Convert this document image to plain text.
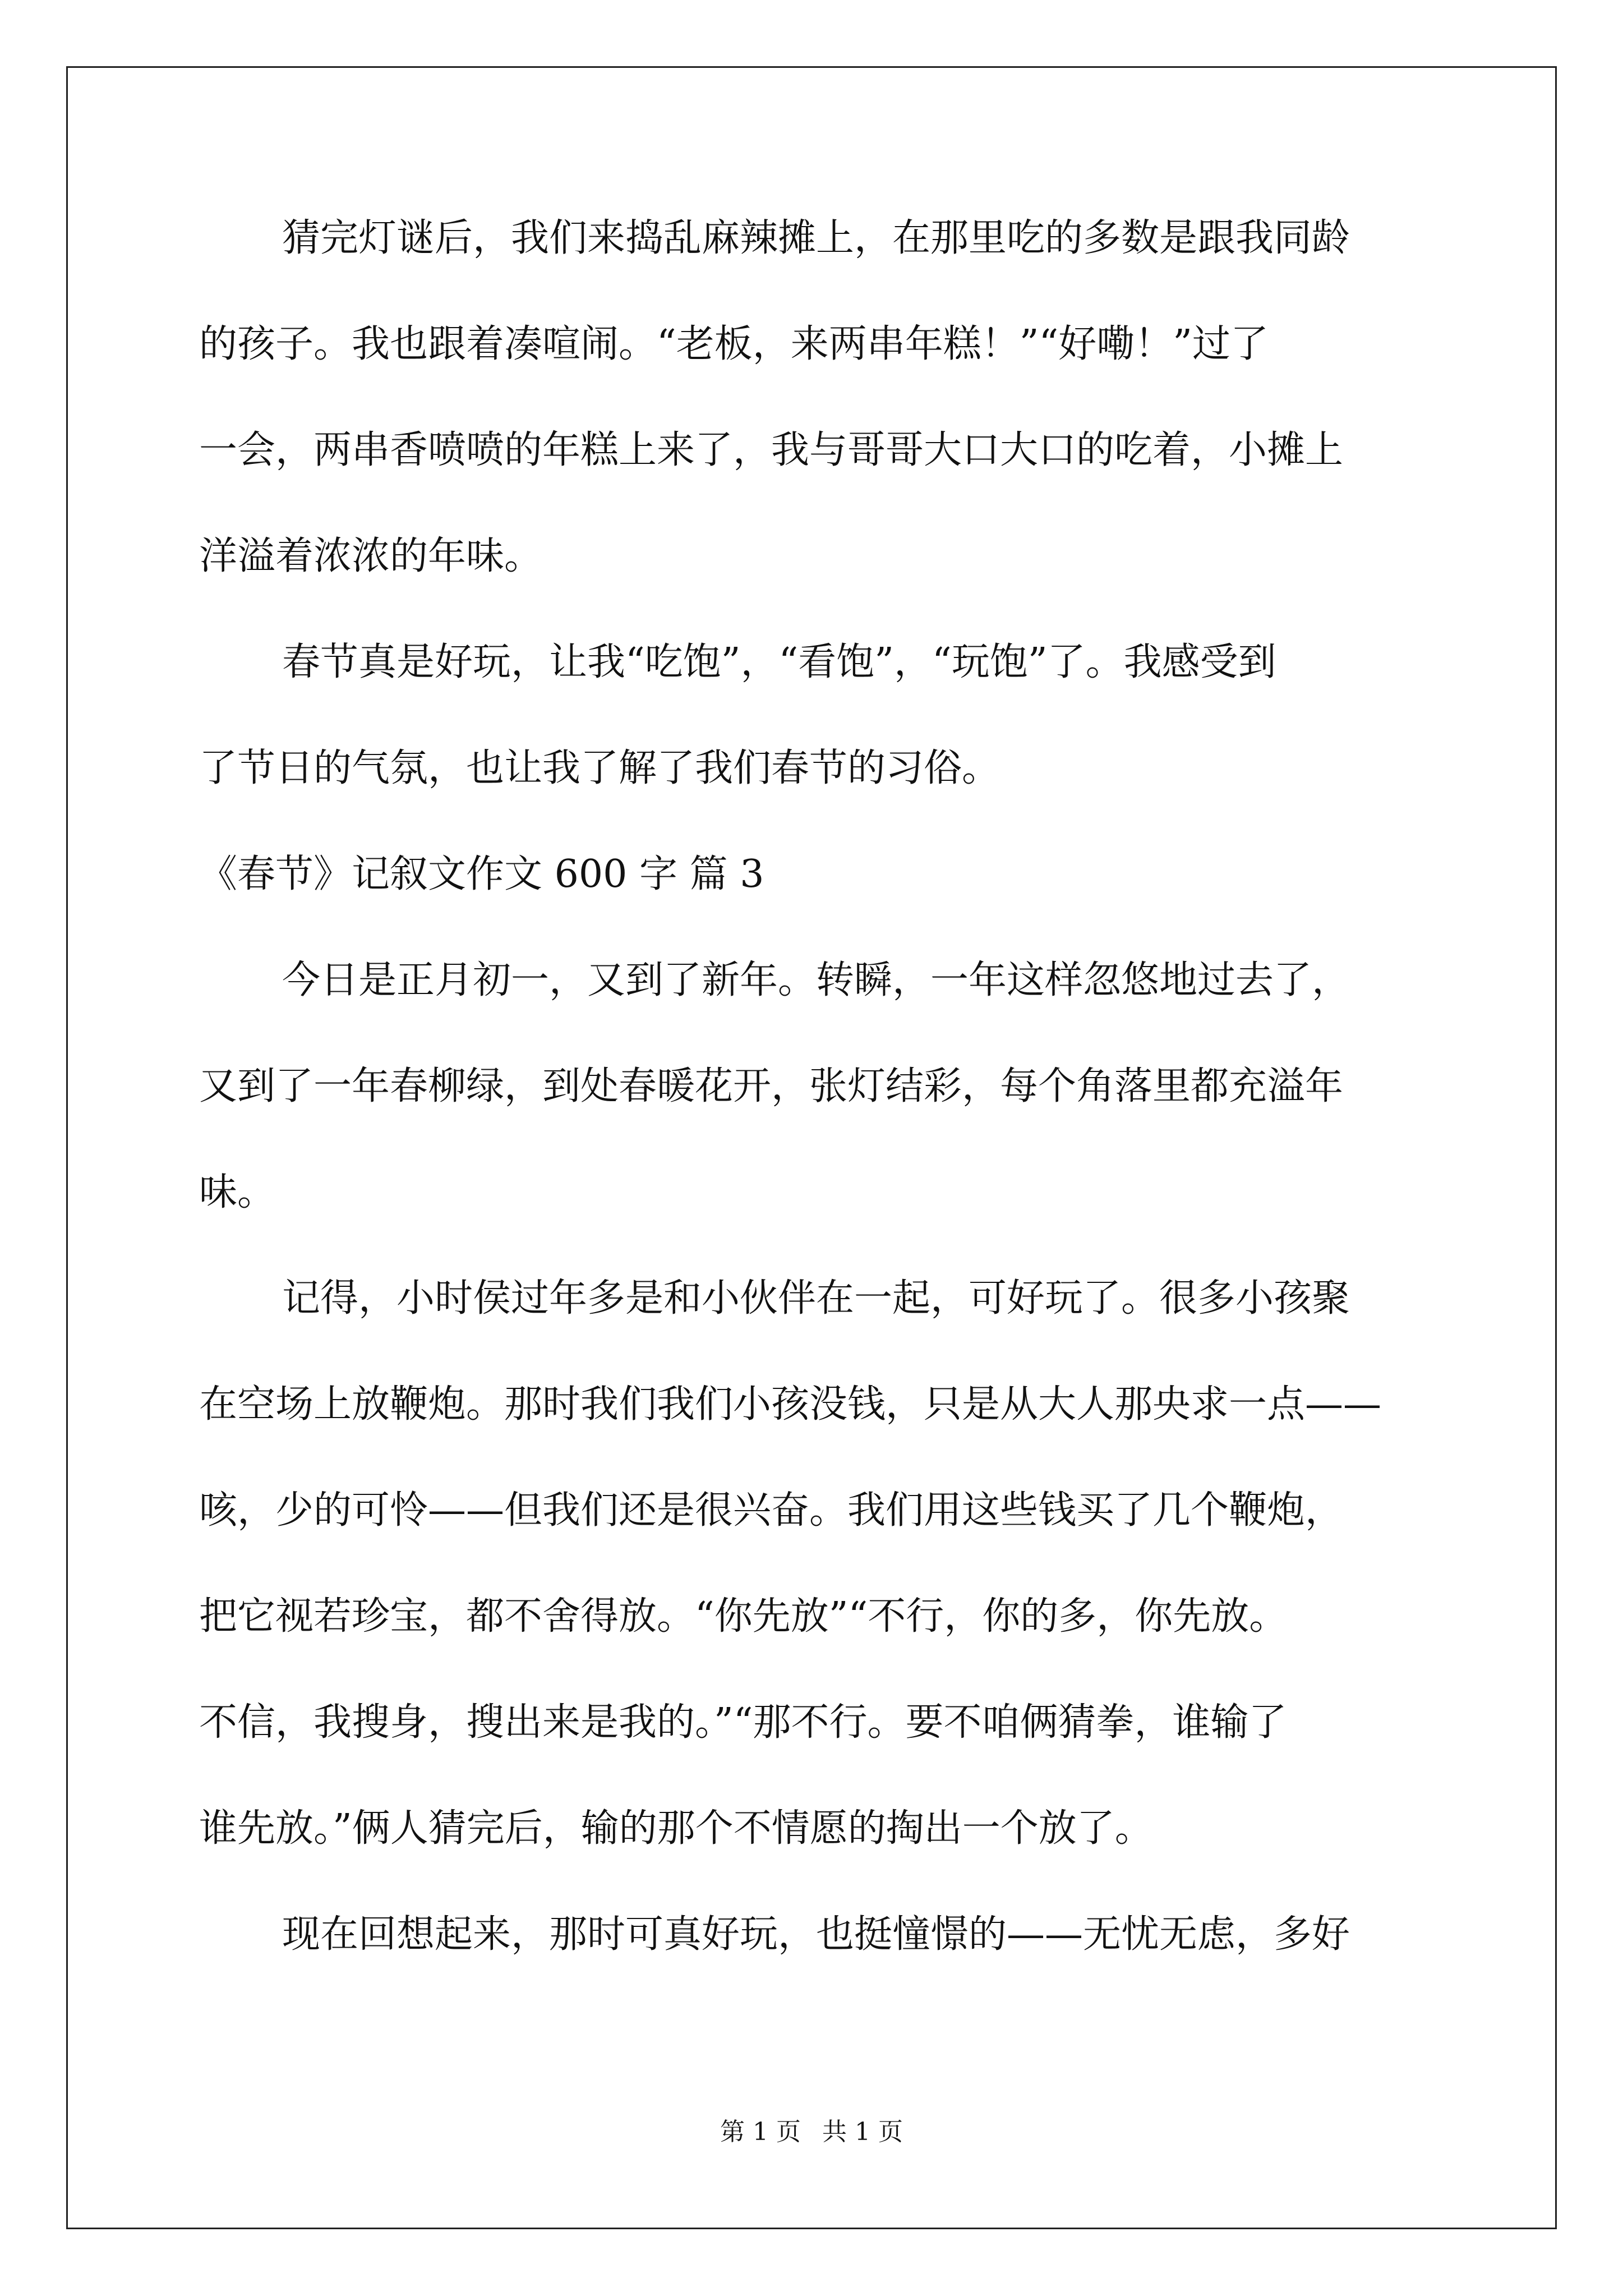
猜完灯谜后，我们来捣乱麻辣摊上，在那里吃的多数是跟我同龄
的孩子。我也跟着凑喧闹。“老板，来两串年糕！”“好嘞！”过了
一会，两串香喷喷的年糕上来了，我与哥哥大口大口的吃着，小摊上
洋溢着浓浓的年味。
春节真是好玩，让我“吃饱”，“看饱”，“玩饱”了。我感受到
了节日的气氛，也让我了解了我们春节的习俗。
《春节》记叙文作文 600 字 篇 3
今日是正月初一，又到了新年。转瞬，一年这样忽悠地过去了，
又到了一年春柳绿，到处春暖花开，张灯结彩，每个角落里都充溢年
味。
记得，小时侯过年多是和小伙伴在一起，可好玩了。很多小孩聚
在空场上放鞭炮。那时我们我们小孩没钱，只是从大人那央求一点——
咳，少的可怜——但我们还是很兴奋。我们用这些钱买了几个鞭炮，
把它视若珍宝，都不舍得放。“你先放”“不行，你的多，你先放。
不信，我搜身，搜出来是我的。”“那不行。要不咱俩猜拳，谁输了
谁先放。”俩人猜完后，输的那个不情愿的掏出一个放了。
现在回想起来，那时可真好玩，也挺憧憬的——无忧无虑，多好
第 1 页 共 1 页
